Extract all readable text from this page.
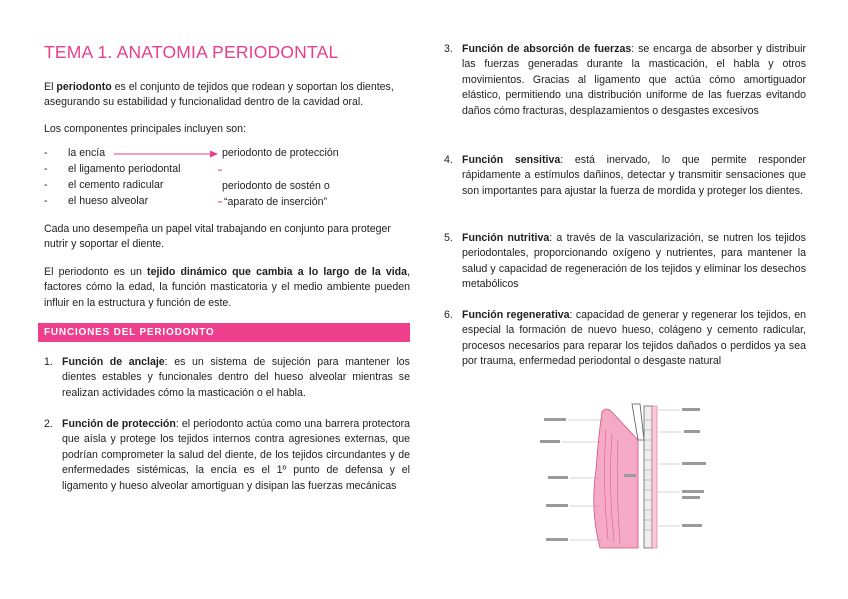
TEMA 1. ANATOMIA PERIODONTAL

El periodonto es el conjunto de tejidos que rodean y soportan los dientes, asegurando su estabilidad y funcionalidad dentro de la cavidad oral.

Los componentes principales incluyen son:

- la encía
- el ligamento periodontal
- el cemento radicular
- el hueso alveolar
periodonto de protección
periodonto de sostén o
“aparato de inserción”

Cada uno desempeña un papel vital trabajando en conjunto para proteger nutrir y soportar el diente.

El periodonto es un tejido dinámico que cambia a lo largo de la vida, factores cómo la edad, la función masticatoria y el medio ambiente pueden influir en la estructura y función de este.

FUNCIONES DEL PERIODONTO
1. Función de anclaje: es un sistema de sujeción para mantener los dientes estables y funcionales dentro del hueso alveolar mientras se realizan actividades cómo la masticación o el habla.

2. Función de protección: el periodonto actúa como una barrera protectora que aísla y protege los tejidos internos contra agresiones externas, que podrían comprometer la salud del diente, de los tejidos circundantes y de enfermedades sistémicas, la encía es el 1º punto de defensa y el ligamento y hueso alveolar amortiguan y disipan las fuerzas mecánicas

3. Función de absorción de fuerzas: se encarga de absorber y distribuir las fuerzas generadas durante la masticación, el habla y otros movimientos. Gracias al ligamento que actúa cómo amortiguador elástico, permitiendo una distribución uniforme de las fuerzas evitando daños cómo fracturas, desplazamientos o desgastes excesivos

4. Función sensitiva: está inervado, lo que permite responder rápidamente a estímulos dañinos, detectar y transmitir sensaciones que son importantes para ajustar la fuerza de mordida y proteger los dientes.

5. Función nutritiva: a través de la vascularización, se nutren los tejidos periodontales, proporcionando oxígeno y nutrientes, para mantener la salud y capacidad de regeneración de los tejidos y eliminar los desechos metabólicos

6. Función regenerativa: capacidad de generar y regenerar los tejidos, en especial la formación de nuevo hueso, colágeno y cemento radicular, procesos necesarios para reparar los tejidos dañados o perdidos ya sea por trauma, enfermedad periodontal o desgaste natural
